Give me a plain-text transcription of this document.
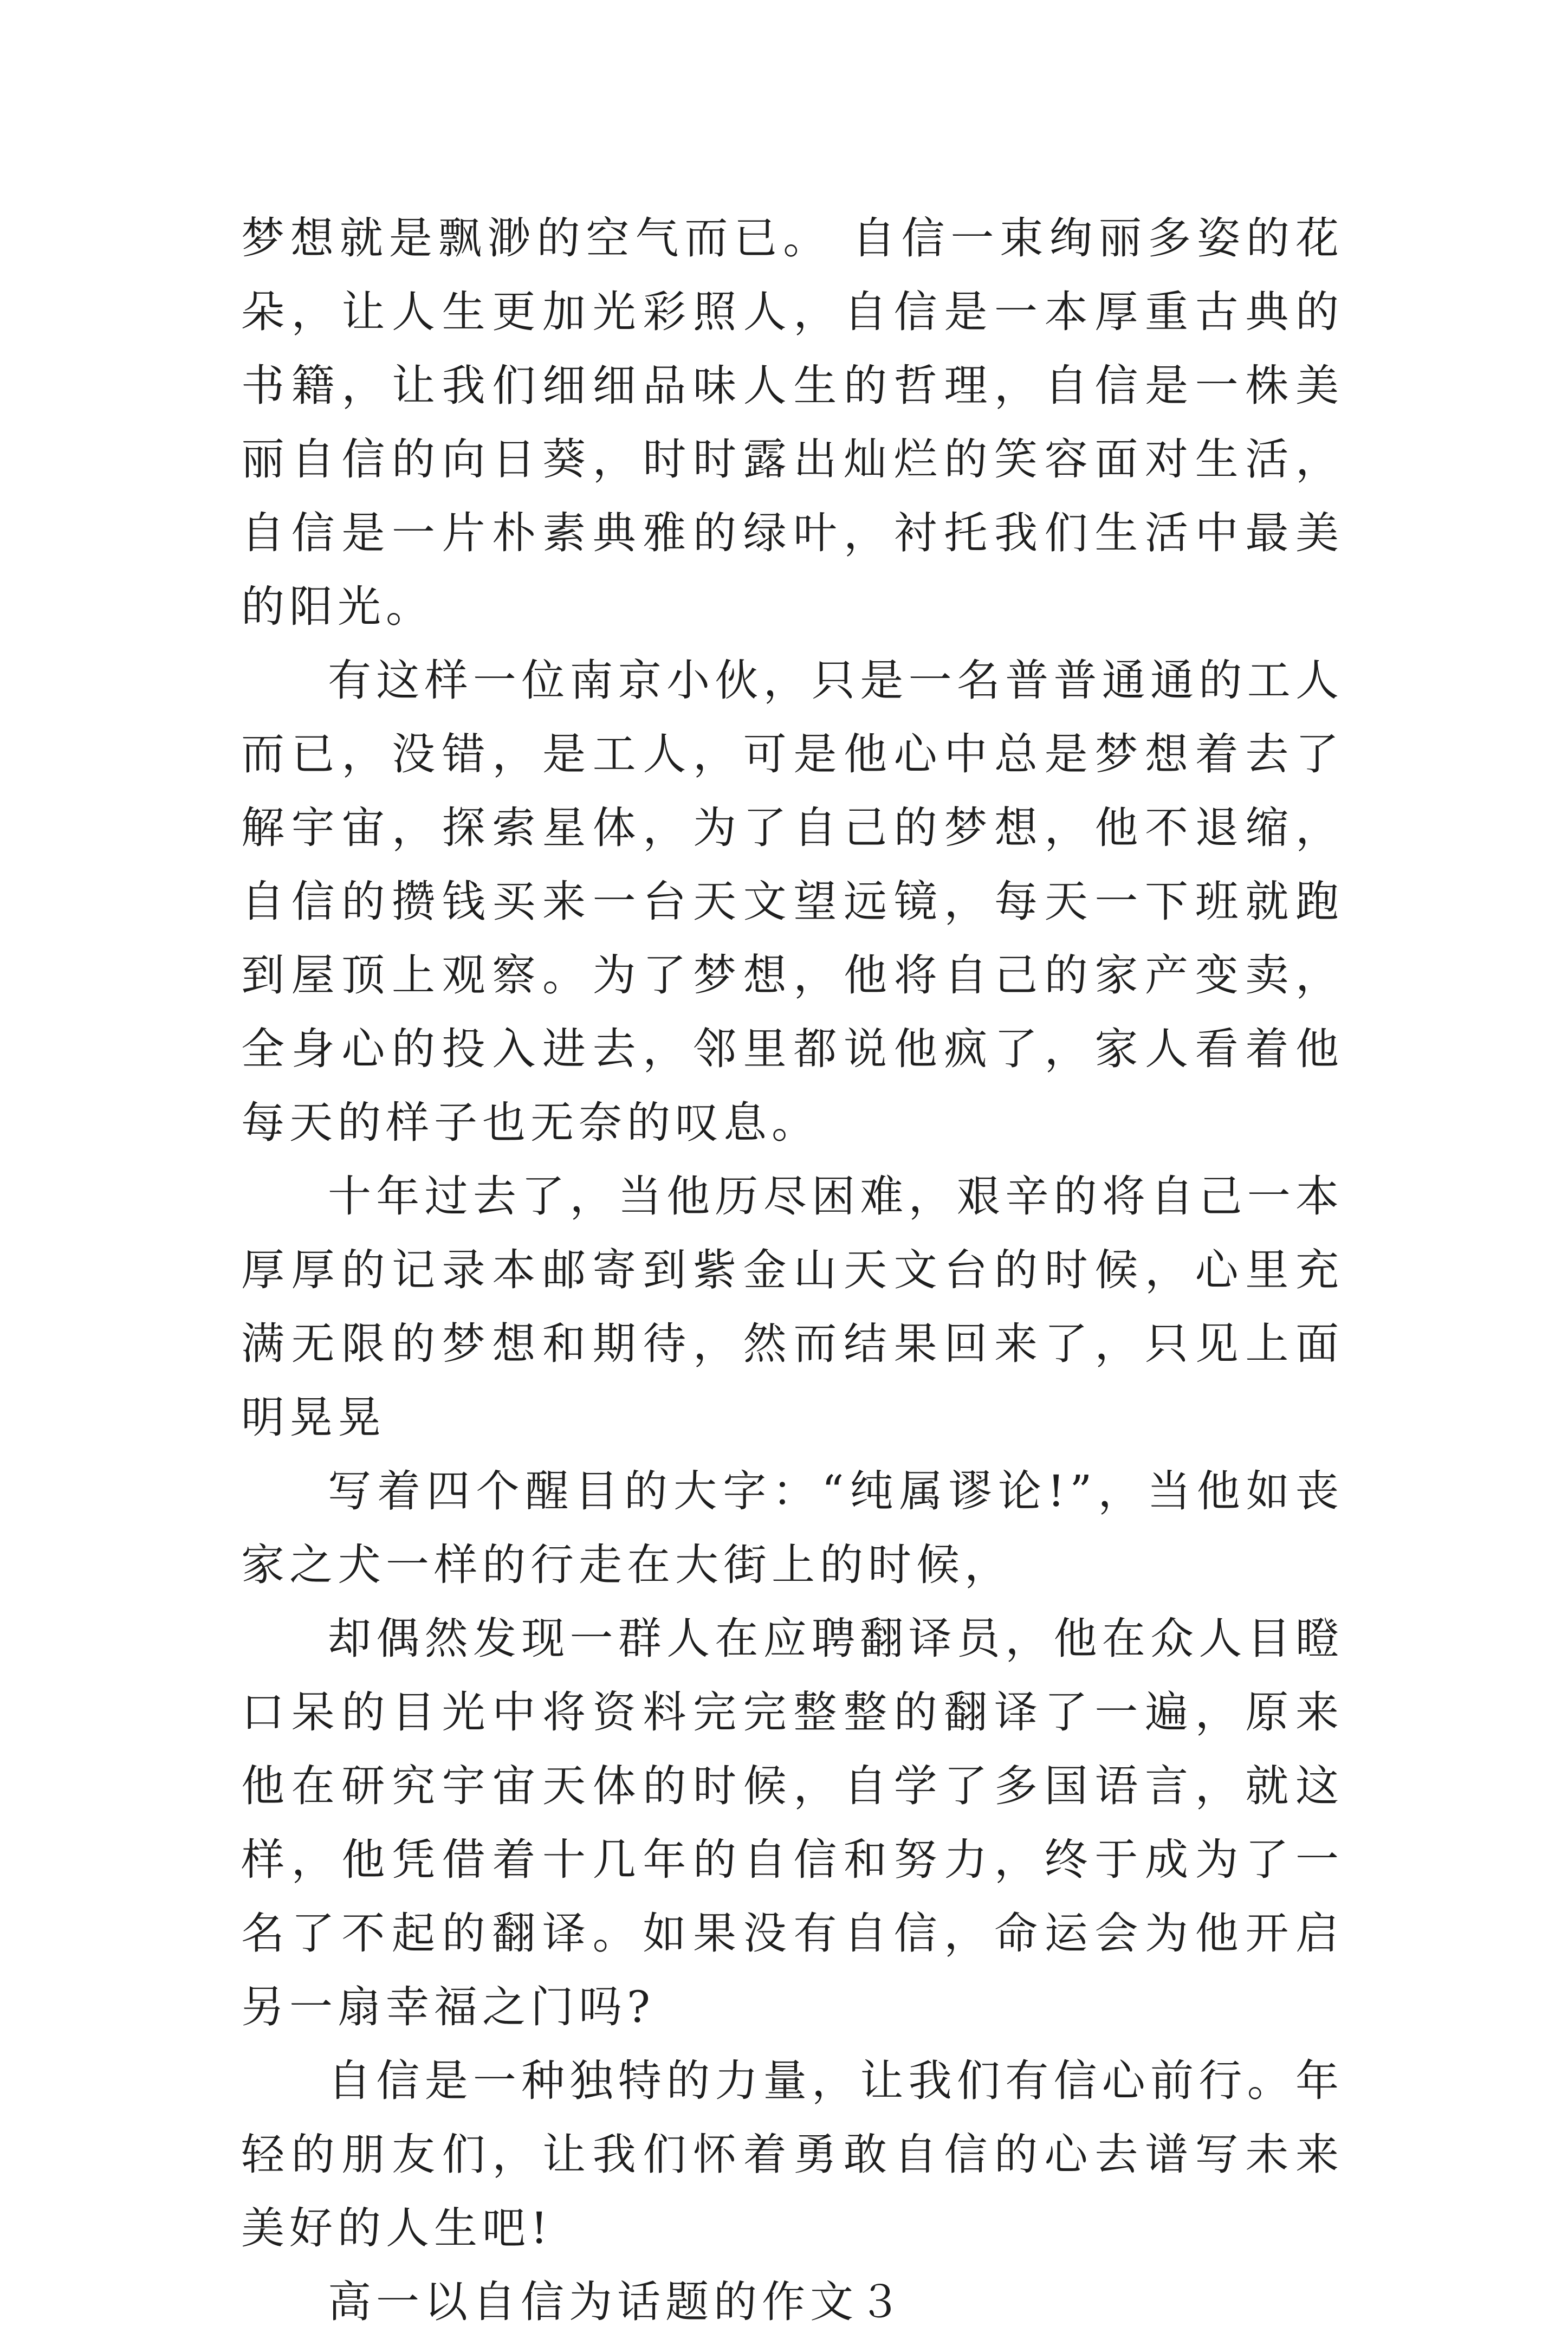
梦想就是飘渺的空气而已。 自信一束绚丽多姿的花朵，让人生更加光彩照人，自信是一本厚重古典的书籍，让我们细细品味人生的哲理，自信是一株美丽自信的向日葵，时时露出灿烂的笑容面对生活，自信是一片朴素典雅的绿叶，衬托我们生活中最美的阳光。

有这样一位南京小伙，只是一名普普通通的工人而已，没错，是工人，可是他心中总是梦想着去了解宇宙，探索星体，为了自己的梦想，他不退缩，自信的攒钱买来一台天文望远镜，每天一下班就跑到屋顶上观察。为了梦想，他将自己的家产变卖，全身心的投入进去，邻里都说他疯了，家人看着他每天的样子也无奈的叹息。

十年过去了，当他历尽困难，艰辛的将自己一本厚厚的记录本邮寄到紫金山天文台的时候，心里充满无限的梦想和期待，然而结果回来了，只见上面明晃晃

写着四个醒目的大字：“纯属谬论!”，当他如丧家之犬一样的行走在大街上的时候，

却偶然发现一群人在应聘翻译员，他在众人目瞪口呆的目光中将资料完完整整的翻译了一遍，原来他在研究宇宙天体的时候，自学了多国语言，就这样，他凭借着十几年的自信和努力，终于成为了一名了不起的翻译。如果没有自信，命运会为他开启另一扇幸福之门吗?

自信是一种独特的力量，让我们有信心前行。年轻的朋友们，让我们怀着勇敢自信的心去谱写未来美好的人生吧!

高一以自信为话题的作文３
